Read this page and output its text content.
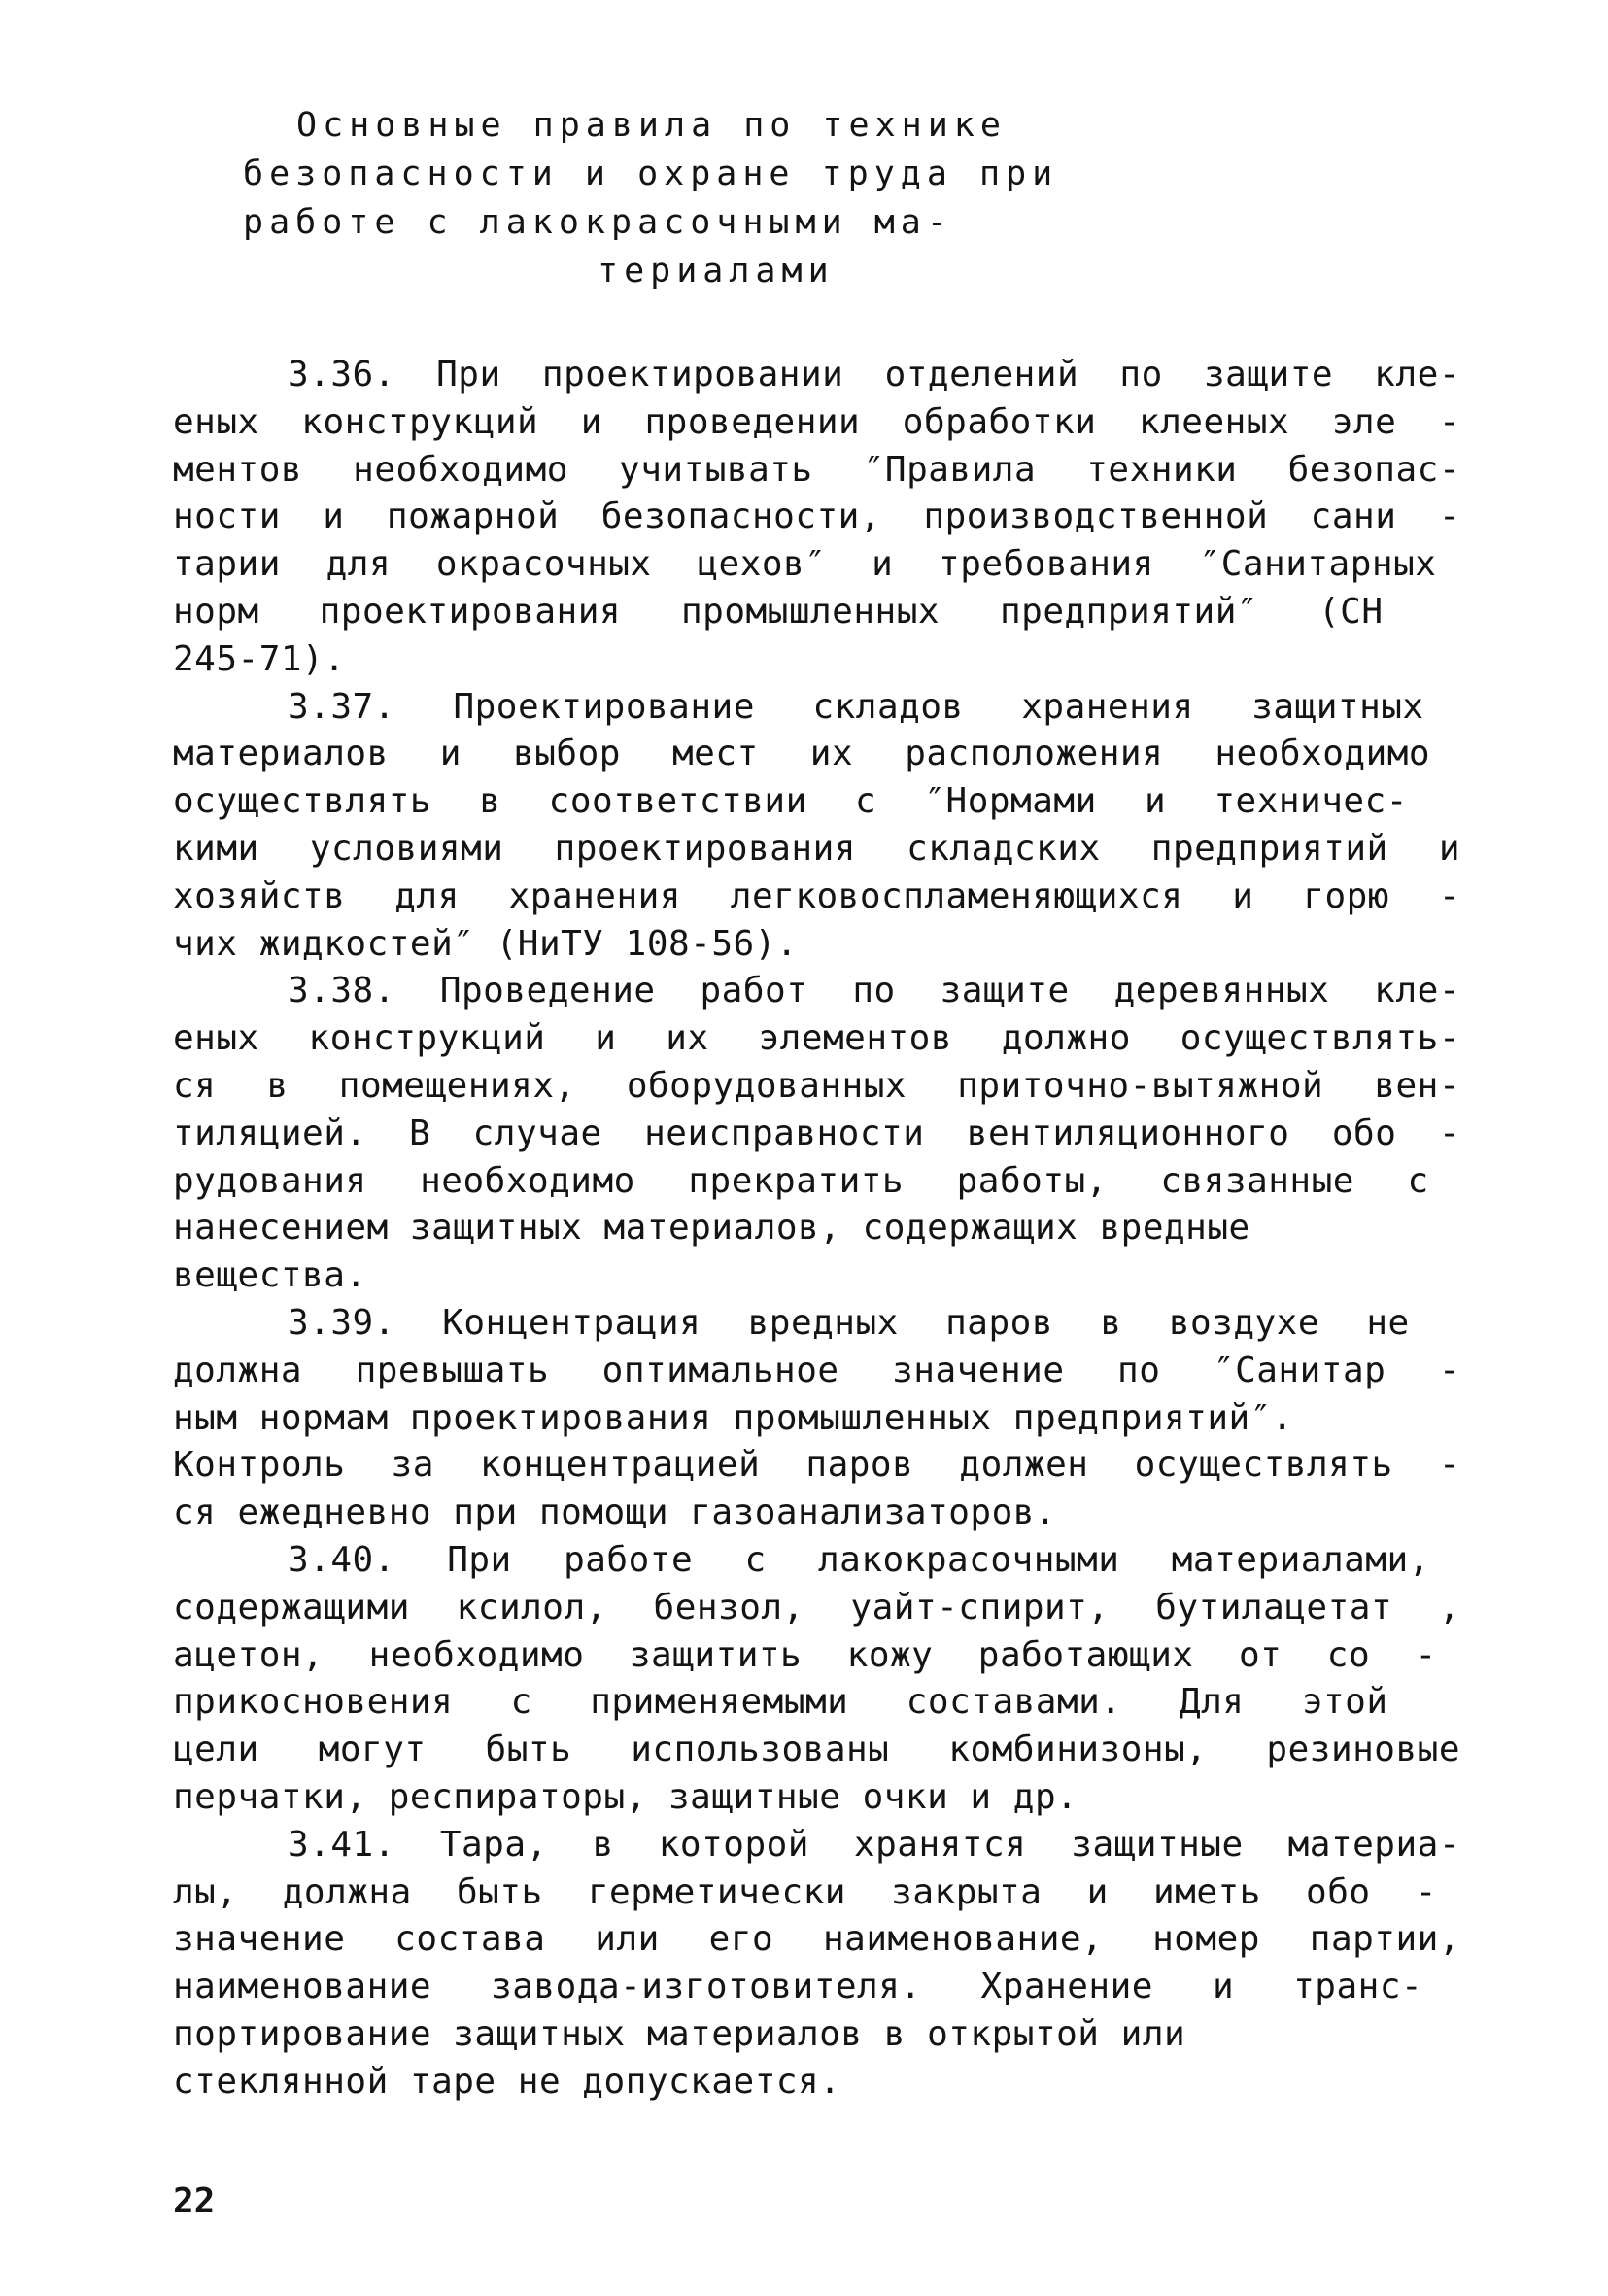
Основные правила по технике
безопасности и охране труда при
работе с лакокрасочными ма-
териалами
3.36. При проектировании отделений по защите кле-
еных конструкций и проведении обработки клееных эле -
ментов необходимо учитывать ″Правила техники безопас-
ности и пожарной безопасности, производственной сани -
тарии для окрасочных цехов″ и требования ″Санитарных
норм проектирования промышленных предприятий″ (СН
245-71).
3.37. Проектирование складов хранения защитных
материалов и выбор мест их расположения необходимо
осуществлять в соответствии с ″Нормами и техничес-
кими условиями проектирования складских предприятий и
хозяйств для хранения легковоспламеняющихся и горю -
чих жидкостей″ (НиТУ 108-56).
3.38. Проведение работ по защите деревянных кле-
еных конструкций и их элементов должно осуществлять-
ся в помещениях, оборудованных приточно-вытяжной вен-
тиляцией. В случае неисправности вентиляционного обо -
рудования необходимо прекратить работы, связанные с
нанесением защитных материалов, содержащих вредные
вещества.
3.39. Концентрация вредных паров в воздухе не
должна превышать оптимальное значение по ″Санитар -
ным нормам проектирования промышленных предприятий″.
Контроль за концентрацией паров должен осуществлять -
ся ежедневно при помощи газоанализаторов.
3.40. При работе с лакокрасочными материалами,
содержащими ксилол, бензол, уайт-спирит, бутилацетат ,
ацетон, необходимо защитить кожу работающих от со -
прикосновения с применяемыми составами. Для этой
цели могут быть использованы комбинизоны, резиновые
перчатки, респираторы, защитные очки и др.
3.41. Тара, в которой хранятся защитные материа-
лы, должна быть герметически закрыта и иметь обо -
значение состава или его наименование, номер партии,
наименование завода-изготовителя. Хранение и транс-
портирование защитных материалов в открытой или
стеклянной таре не допускается.
22
